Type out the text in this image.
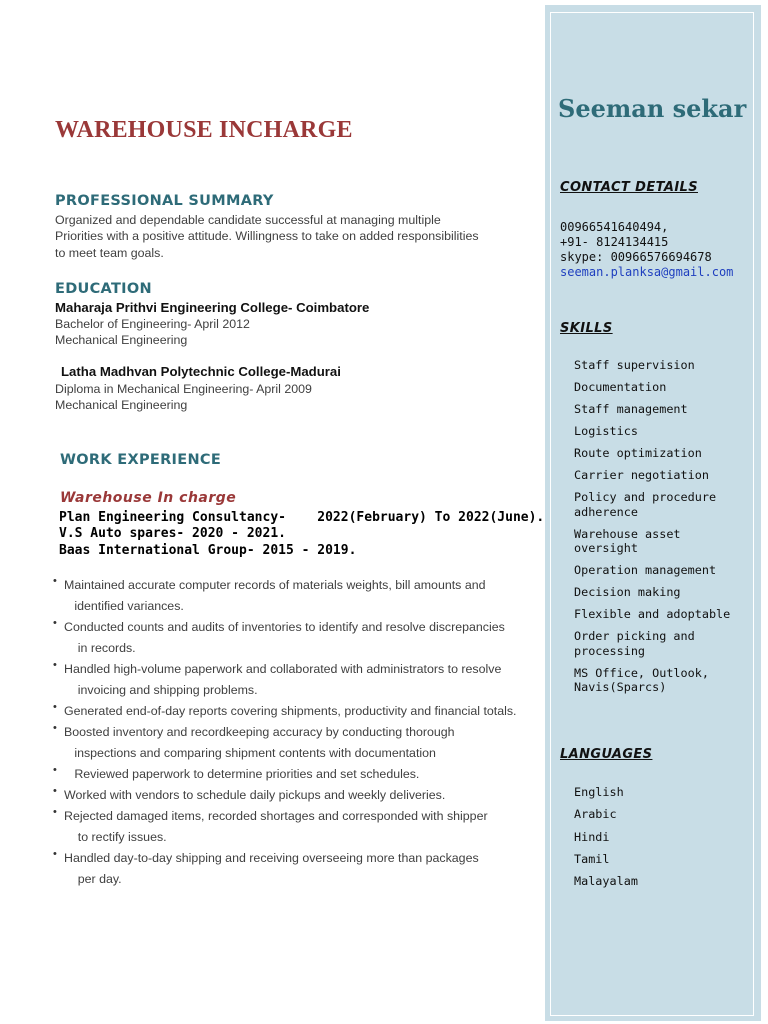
WAREHOUSE INCHARGE
PROFESSIONAL SUMMARY
Organized and dependable candidate successful at managing multiple
Priorities with a positive attitude. Willingness to take on added responsibilities
to meet team goals.
EDUCATION
Maharaja Prithvi Engineering College- Coimbatore
Bachelor of Engineering- April 2012
Mechanical Engineering
Latha Madhvan Polytechnic College-Madurai
Diploma in Mechanical Engineering- April 2009
Mechanical Engineering
WORK EXPERIENCE
Warehouse In charge
Plan Engineering Consultancy-    2022(February) To 2022(June).
V.S Auto spares- 2020 - 2021.
Baas International Group- 2015 - 2019.
• Maintained accurate computer records of materials weights, bill amounts and
identified variances.
• Conducted counts and audits of inventories to identify and resolve discrepancies
in records.
• Handled high-volume paperwork and collaborated with administrators to resolve
invoicing and shipping problems.
• Generated end-of-day reports covering shipments, productivity and financial totals.
• Boosted inventory and recordkeeping accuracy by conducting thorough
inspections and comparing shipment contents with documentation
•    Reviewed paperwork to determine priorities and set schedules.
• Worked with vendors to schedule daily pickups and weekly deliveries.
• Rejected damaged items, recorded shortages and corresponded with shipper
to rectify issues.
• Handled day-to-day shipping and receiving overseeing more than packages
per day.
Seeman sekar
CONTACT DETAILS
00966541640494,
+91- 8124134415
skype: 00966576694678
seeman.planksa@gmail.com
SKILLS
Staff supervision
Documentation
Staff management
Logistics
Route optimization
Carrier negotiation
Policy and procedure adherence
Warehouse asset oversight
Operation management
Decision making
Flexible and adoptable
Order picking and processing
MS Office, Outlook, Navis(Sparcs)
LANGUAGES
English
Arabic
Hindi
Tamil
Malayalam
